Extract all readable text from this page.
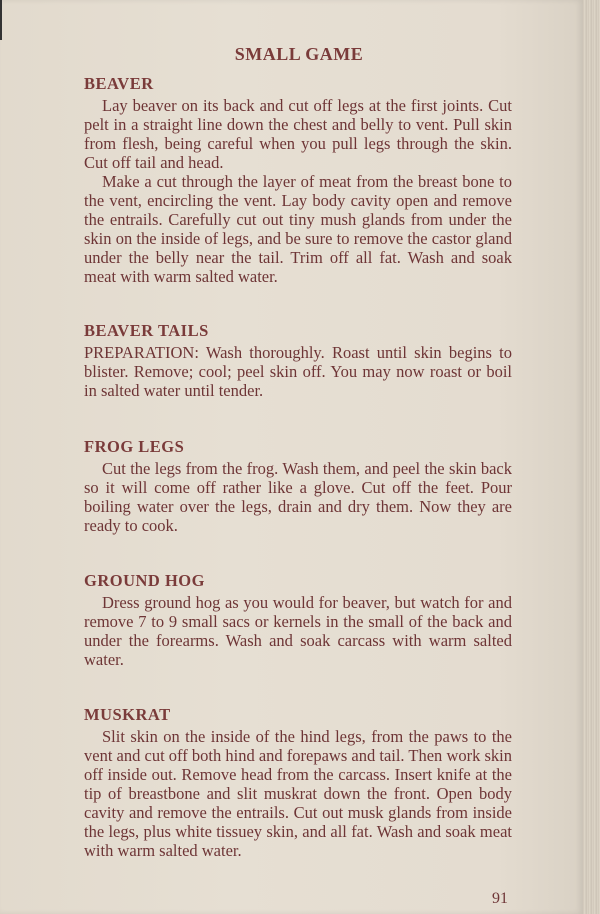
SMALL GAME
BEAVER

Lay beaver on its back and cut off legs at the first joints. Cut pelt in a straight line down the chest and belly to vent. Pull skin from flesh, being careful when you pull legs through the skin. Cut off tail and head.

Make a cut through the layer of meat from the breast bone to the vent, encircling the vent. Lay body cavity open and remove the entrails. Carefully cut out tiny mush glands from under the skin on the inside of legs, and be sure to remove the castor gland under the belly near the tail. Trim off all fat. Wash and soak meat with warm salted water.

BEAVER TAILS

PREPARATION: Wash thoroughly. Roast until skin begins to blister. Remove; cool; peel skin off. You may now roast or boil in salted water until tender.

FROG LEGS

Cut the legs from the frog. Wash them, and peel the skin back so it will come off rather like a glove. Cut off the feet. Pour boiling water over the legs, drain and dry them. Now they are ready to cook.

GROUND HOG

Dress ground hog as you would for beaver, but watch for and remove 7 to 9 small sacs or kernels in the small of the back and under the forearms. Wash and soak carcass with warm salted water.

MUSKRAT

Slit skin on the inside of the hind legs, from the paws to the vent and cut off both hind and forepaws and tail. Then work skin off inside out. Remove head from the carcass. Insert knife at the tip of breastbone and slit muskrat down the front. Open body cavity and remove the entrails. Cut out musk glands from inside the legs, plus white tissuey skin, and all fat. Wash and soak meat with warm salted water.

91
